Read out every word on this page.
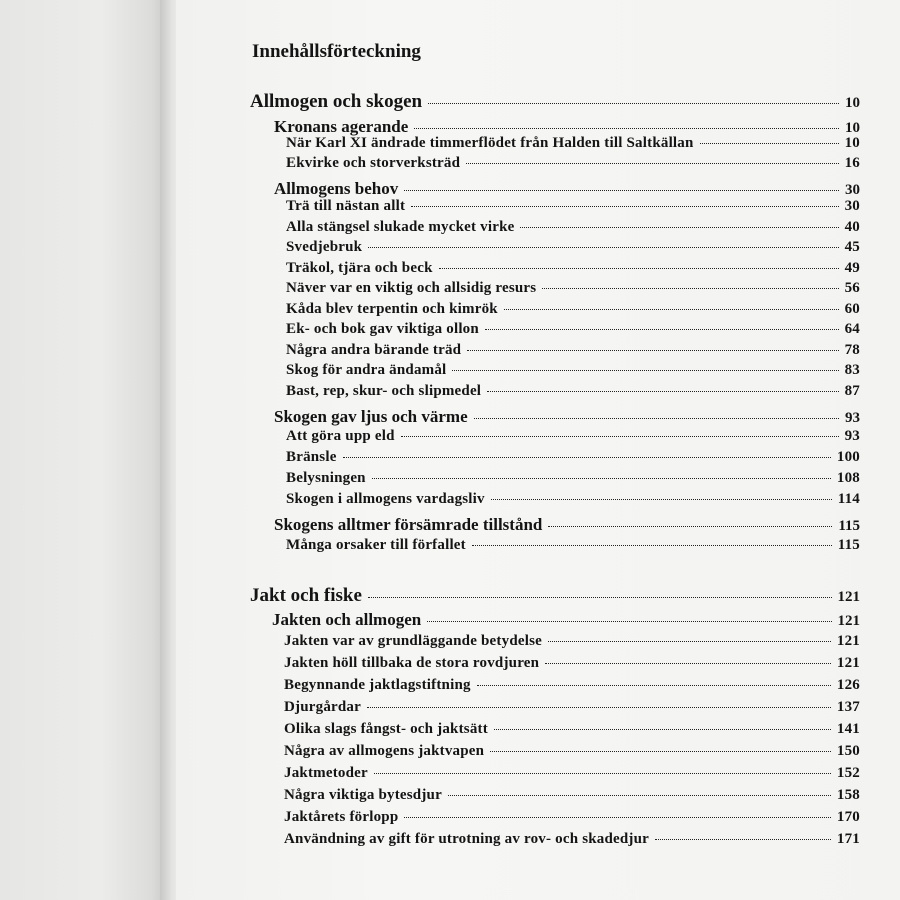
Innehållsförteckning
Allmogen och skogen	10
Kronans agerande	10
När Karl XI ändrade timmerflödet från Halden till Saltkällan	10
Ekvirke och storverksträd	16
Allmogens behov	30
Trä till nästan allt	30
Alla stängsel slukade mycket virke	40
Svedjebruk	45
Träkol, tjära och beck	49
Näver var en viktig och allsidig resurs	56
Kåda blev terpentin och kimrök	60
Ek- och bok gav viktiga ollon	64
Några andra bärande träd	78
Skog för andra ändamål	83
Bast, rep, skur- och slipmedel	87
Skogen gav ljus och värme	93
Att göra upp eld	93
Bränsle	100
Belysningen	108
Skogen i allmogens vardagsliv	114
Skogens alltmer försämrade tillstånd	115
Många orsaker till förfallet	115
Jakt och fiske	121
Jakten och allmogen	121
Jakten var av grundläggande betydelse	121
Jakten höll tillbaka de stora rovdjuren	121
Begynnande jaktlagstiftning	126
Djurgårdar	137
Olika slags fångst- och jaktsätt	141
Några av allmogens jaktvapen	150
Jaktmetoder	152
Några viktiga bytesdjur	158
Jaktårets förlopp	170
Användning av gift för utrotning av rov- och skadedjur	171
